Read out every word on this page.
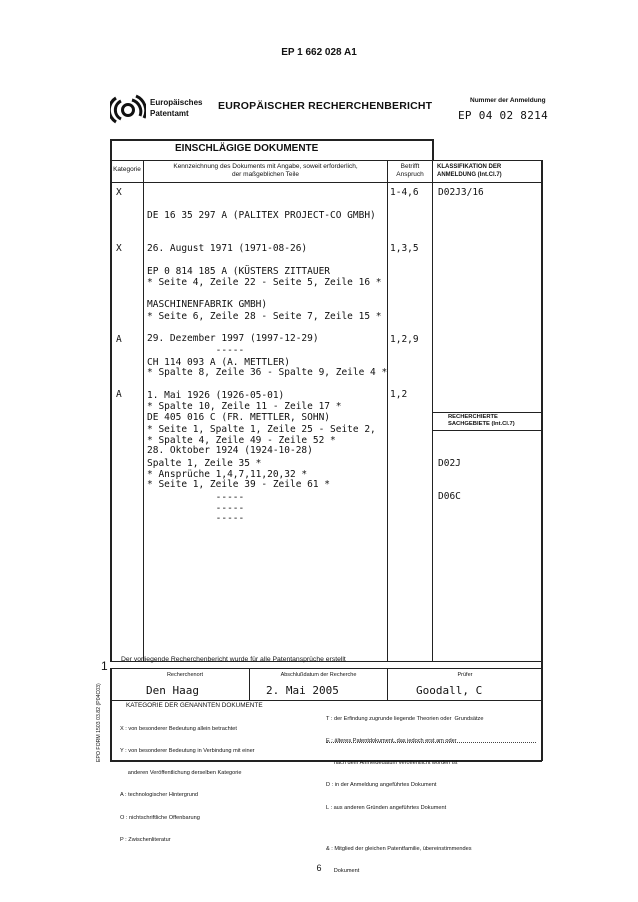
EP 1 662 028 A1
Europäisches
Patentamt
EUROPÄISCHER RECHERCHENBERICHT	Nummer der Anmeldung
EP 04 02 8214
EINSCHLÄGIGE DOKUMENTE
Kategorie	Kennzeichnung des Dokuments mit Angabe, soweit erforderlich,
der maßgeblichen Teile
Betrifft
Anspruch
KLASSIFIKATION DER
ANMELDUNG (Int.Cl.7)
X

DE 16 35 297 A (PALITEX PROJECT-CO GMBH)

26. August 1971 (1971-08-26)

* Seite 4, Zeile 22 - Seite 5, Zeile 16 *

* Seite 6, Zeile 28 - Seite 7, Zeile 15 *

-----

1-4,6
X

EP 0 814 185 A (KÜSTERS ZITTAUER

MASCHINENFABRIK GMBH)

29. Dezember 1997 (1997-12-29)

* Spalte 8, Zeile 36 - Spalte 9, Zeile 4 *

* Spalte 10, Zeile 11 - Zeile 17 *

* Spalte 4, Zeile 49 - Zeile 52 *

* Ansprüche 1,4,7,11,20,32 *

-----

1,3,5
A

CH 114 093 A (A. METTLER)

1. Mai 1926 (1926-05-01)

* Seite 1, Spalte 1, Zeile 25 - Seite 2,

Spalte 1, Zeile 35 *

-----

1,2,9
A

DE 405 016 C (FR. METTLER, SOHN)

28. Oktober 1924 (1924-10-28)

* Seite 1, Zeile 39 - Zeile 61 *

-----

1,2
D02J3/16
RECHERCHIERTE
SACHGEBIETE (Int.Cl.7)

D02J

D06C

1 Der vorliegende Recherchenbericht wurde für alle Patentansprüche erstellt
Recherchenort
Den Haag
Abschlußdatum der Recherche
2. Mai 2005
Prüfer
Goodall, C
KATEGORIE DER GENANNTEN DOKUMENTE

X : von besonderer Bedeutung allein betrachtet

Y : von besonderer Bedeutung in Verbindung mit einer

anderen Veröffentlichung derselben Kategorie

A : technologischer Hintergrund

O : nichtschriftliche Offenbarung

P : Zwischenliteratur

T : der Erfindung zugrunde liegende Theorien oder  Grundsätze

E : älteres Patentdokument, das jedoch erst am oder

nach dem Anmeldedatum veröffentlicht worden ist

D : in der Anmeldung angeführtes Dokument

L : aus anderen Gründen angeführtes Dokument

& : Mitglied der gleichen Patentfamilie, übereinstimmendes

Dokument

EPO FORM 1503 03.82 (P04C03)
6
